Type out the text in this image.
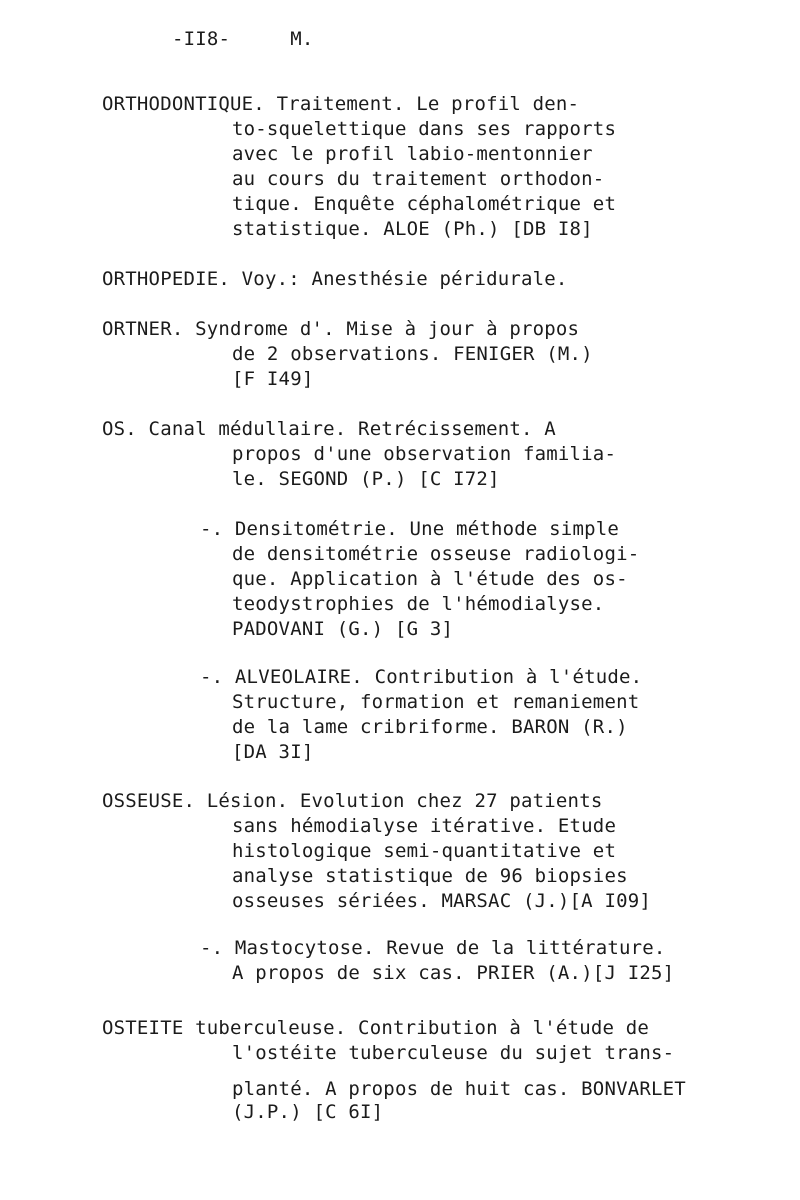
-II8-	M.
ORTHODONTIQUE. Traitement. Le profil den-
to-squelettique dans ses rapports
avec le profil labio-mentonnier
au cours du traitement orthodon-
tique. Enquête céphalométrique et
statistique. ALOE (Ph.) [DB I8]
ORTHOPEDIE. Voy.: Anesthésie péridurale.
ORTNER. Syndrome d'. Mise à jour à propos
de 2 observations. FENIGER (M.)
[F I49]
OS. Canal médullaire. Retrécissement. A
propos d'une observation familia-
le. SEGOND (P.) [C I72]
-. Densitométrie. Une méthode simple
de densitométrie osseuse radiologi-
que. Application à l'étude des os-
teodystrophies de l'hémodialyse.
PADOVANI (G.) [G 3]
-. ALVEOLAIRE. Contribution à l'étude.
Structure, formation et remaniement
de la lame cribriforme. BARON (R.)
[DA 3I]
OSSEUSE. Lésion. Evolution chez 27 patients
sans hémodialyse itérative. Etude
histologique semi-quantitative et
analyse statistique de 96 biopsies
osseuses sériées. MARSAC (J.)[A I09]
-. Mastocytose. Revue de la littérature.
A propos de six cas. PRIER (A.)[J I25]
OSTEITE tuberculeuse. Contribution à l'étude de
l'ostéite tuberculeuse du sujet trans-
planté. A propos de huit cas. BONVARLET
(J.P.) [C 6I]
